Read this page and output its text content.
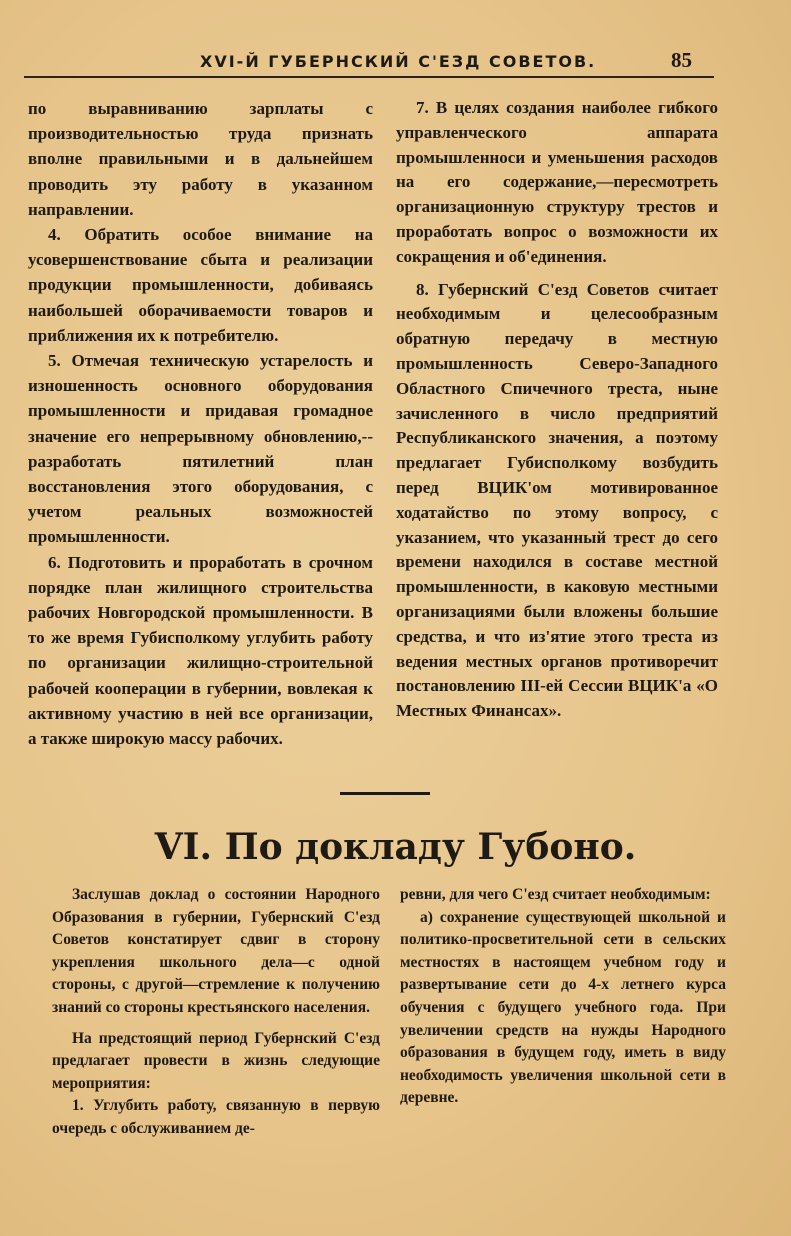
XVI-Й ГУБЕРНСКИЙ С'ЕЗД СОВЕТОВ.	85

по выравниванию зарплаты с производительностью труда признать вполне правильными и в дальнейшем проводить эту работу в указанном направлении.

4. Обратить особое внимание на усовершенствование сбыта и реализации продукции промышленности, добиваясь наибольшей оборачиваемости товаров и приближения их к потребителю.

5. Отмечая техническую устарелость и изношенность основного оборудования промышленности и придавая громадное значение его непрерывному обновлению,--разработать пятилетний план восстановления этого оборудования, с учетом реальных возможностей промышленности.

6. Подготовить и проработать в срочном порядке план жилищного строительства рабочих Новгородской промышленности. В то же время Губисполкому углубить работу по организации жилищно-строительной рабочей кооперации в губернии, вовлекая к активному участию в ней все организации, а также широкую массу рабочих.

7. В целях создания наиболее гибкого управленческого аппарата промышленноси и уменьшения расходов на его содержание,—пересмотреть организационную структуру трестов и проработать вопрос о возможности их сокращения и об'единения.

8. Губернский С'езд Советов считает необходимым и целесообразным обратную передачу в местную промышленность Северо-Западного Областного Спичечного треста, ныне зачисленного в число предприятий Республиканского значения, а поэтому предлагает Губисполкому возбудить перед ВЦИК'ом мотивированное ходатайство по этому вопросу, с указанием, что указанный трест до сего времени находился в составе местной промышленности, в каковую местными организациями были вложены большие средства, и что из'ятие этого треста из ведения местных органов противоречит постановлению III-ей Сессии ВЦИК'а «О Местных Финансах».

VI. По докладу Губоно.

Заслушав доклад о состоянии Народного Образования в губернии, Губернский С'езд Советов констатирует сдвиг в сторону укрепления школьного дела—с одной стороны, с другой—стремление к получению знаний со стороны крестьянского населения.

На предстоящий период Губернский С'езд предлагает провести в жизнь следующие мероприятия:

1. Углубить работу, связанную в первую очередь с обслуживанием де-

ревни, для чего С'езд считает необходимым:

а) сохранение существующей школьной и политико-просветительной сети в сельских местностях в настоящем учебном году и развертывание сети до 4-х летнего курса обучения с будущего учебного года. При увеличении средств на нужды Народного образования в будущем году, иметь в виду необходимость увеличения школьной сети в деревне.
